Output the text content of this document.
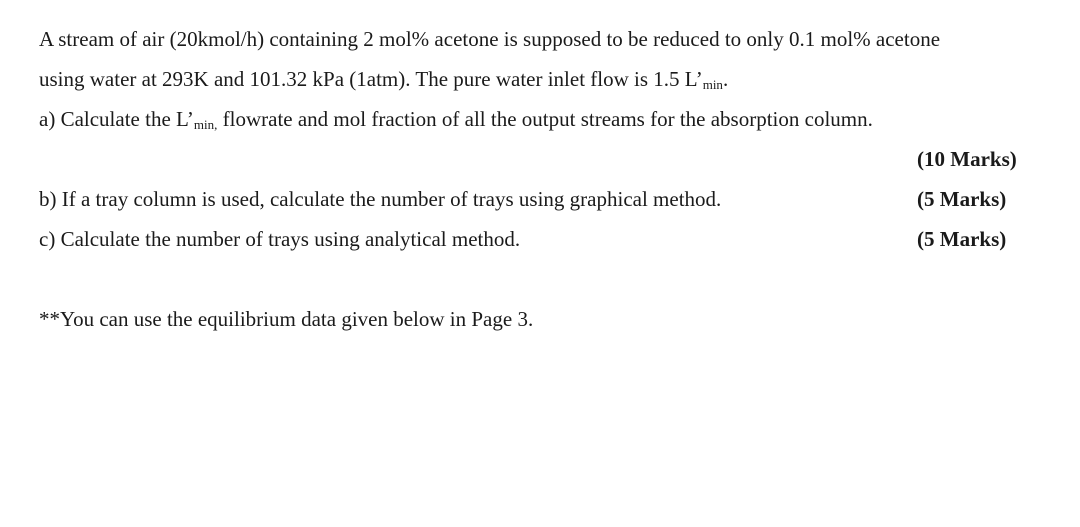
A stream of air (20kmol/h) containing 2 mol% acetone is supposed to be reduced to only 0.1 mol% acetone
using water at 293K and 101.32 kPa (1atm). The pure water inlet flow is 1.5 $L’_{min}$.
a) Calculate the $L’_{min,}$ flowrate and mol fraction of all the output streams for the absorption column.
(10 Marks)
b) If a tray column is used, calculate the number of trays using graphical method.	(5 Marks)
c) Calculate the number of trays using analytical method.	(5 Marks)
**You can use the equilibrium data given below in Page 3.
